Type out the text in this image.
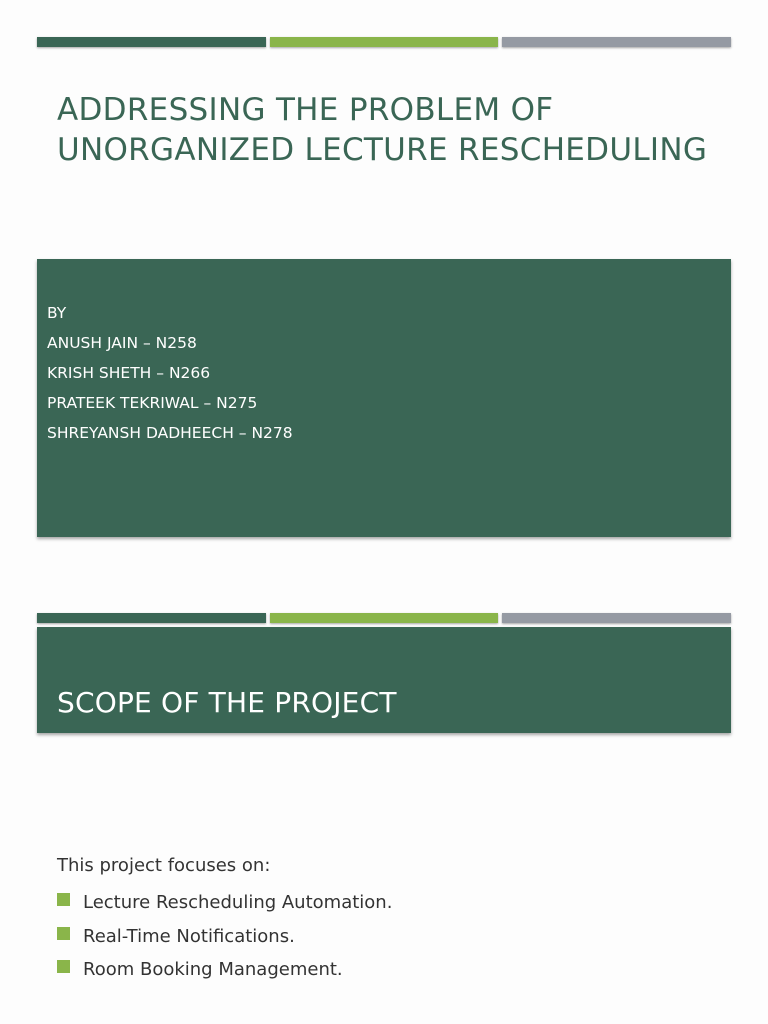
ADDRESSING THE PROBLEM OF UNORGANIZED LECTURE RESCHEDULING
BY
ANUSH JAIN – N258
KRISH SHETH – N266
PRATEEK TEKRIWAL – N275
SHREYANSH DADHEECH – N278
SCOPE OF THE PROJECT
This project focuses on:
Lecture Rescheduling Automation.
Real-Time Notifications.
Room Booking Management.
